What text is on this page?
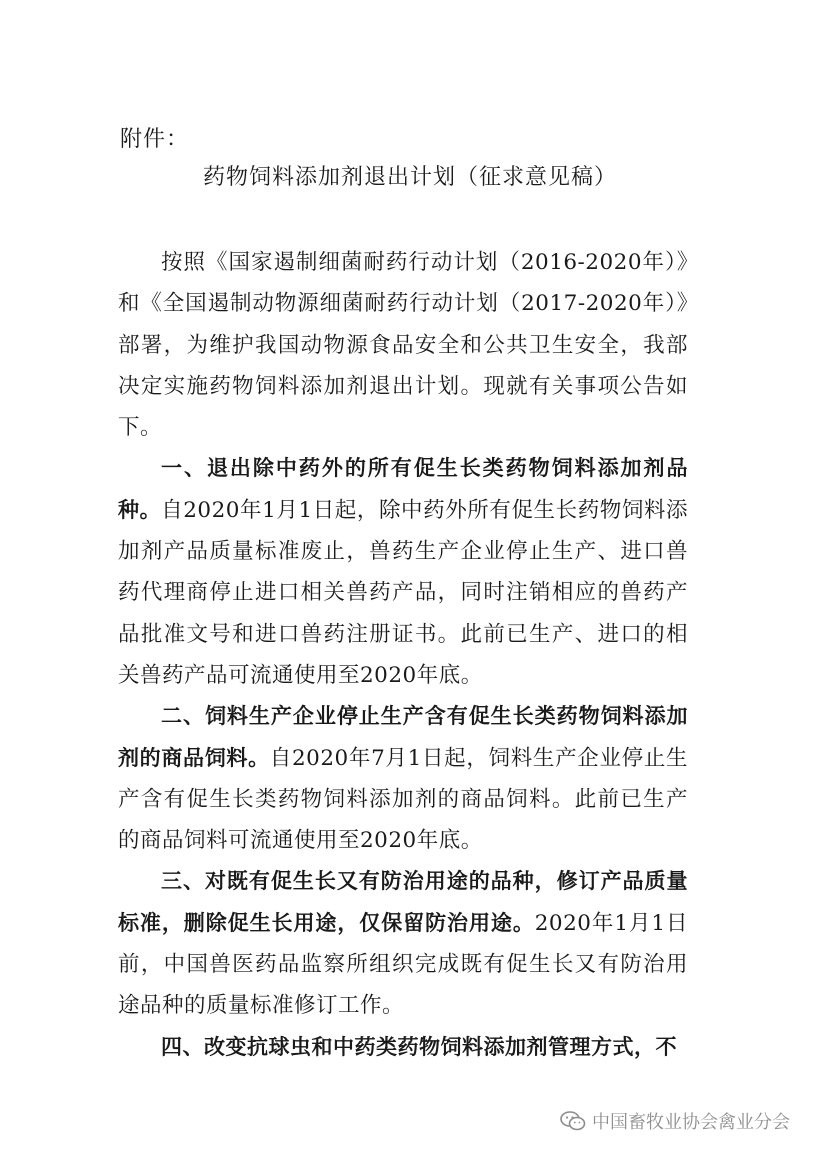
附件：
药物饲料添加剂退出计划（征求意见稿）

按照《国家遏制细菌耐药行动计划（2016-2020年）》和《全国遏制动物源细菌耐药行动计划（2017-2020年）》部署，为维护我国动物源食品安全和公共卫生安全，我部决定实施药物饲料添加剂退出计划。现就有关事项公告如下。

一、退出除中药外的所有促生长类药物饲料添加剂品种。自2020年1月1日起，除中药外所有促生长药物饲料添加剂产品质量标准废止，兽药生产企业停止生产、进口兽药代理商停止进口相关兽药产品，同时注销相应的兽药产品批准文号和进口兽药注册证书。此前已生产、进口的相关兽药产品可流通使用至2020年底。

二、饲料生产企业停止生产含有促生长类药物饲料添加剂的商品饲料。自2020年7月1日起，饲料生产企业停止生产含有促生长类药物饲料添加剂的商品饲料。此前已生产的商品饲料可流通使用至2020年底。

三、对既有促生长又有防治用途的品种，修订产品质量标准，删除促生长用途，仅保留防治用途。2020年1月1日前，中国兽医药品监察所组织完成既有促生长又有防治用途品种的质量标准修订工作。

四、改变抗球虫和中药类药物饲料添加剂管理方式，不

中国畜牧业协会禽业分会
